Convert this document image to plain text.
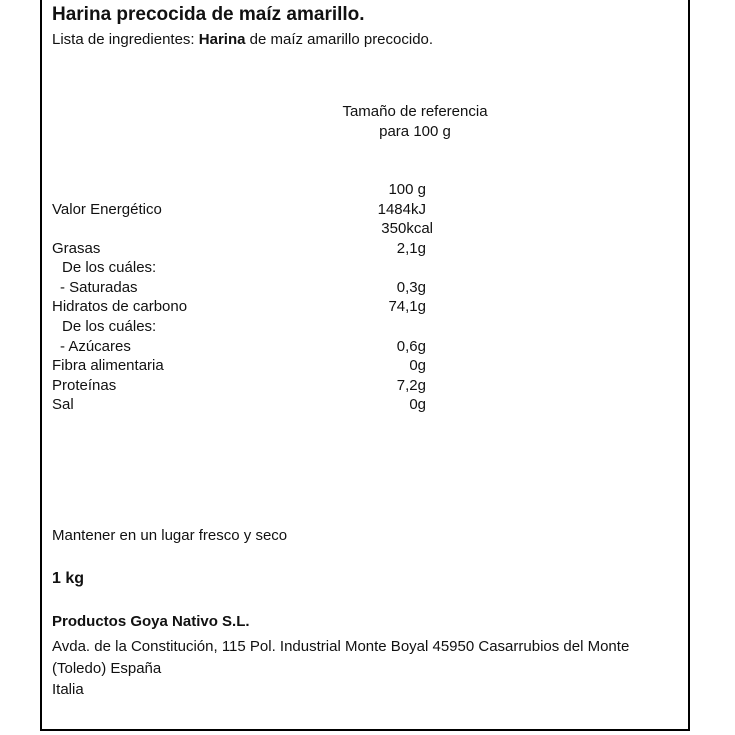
Harina precocida de maíz amarillo.
Lista de ingredientes: Harina de maíz amarillo precocido.
Tamaño de referencia
para 100 g
100 g
Valor Energético	1484kJ
350kcal
Grasas	2,1g
De los cuáles:
- Saturadas	0,3g
Hidratos de carbono	74,1g
De los cuáles:
- Azúcares	0,6g
Fibra alimentaria	0g
Proteínas	7,2g
Sal	0g
Mantener en un lugar fresco y seco
1 kg
Productos Goya Nativo S.L.
Avda. de la Constitución, 115 Pol. Industrial Monte Boyal 45950 Casarrubios del Monte (Toledo) España
Italia
